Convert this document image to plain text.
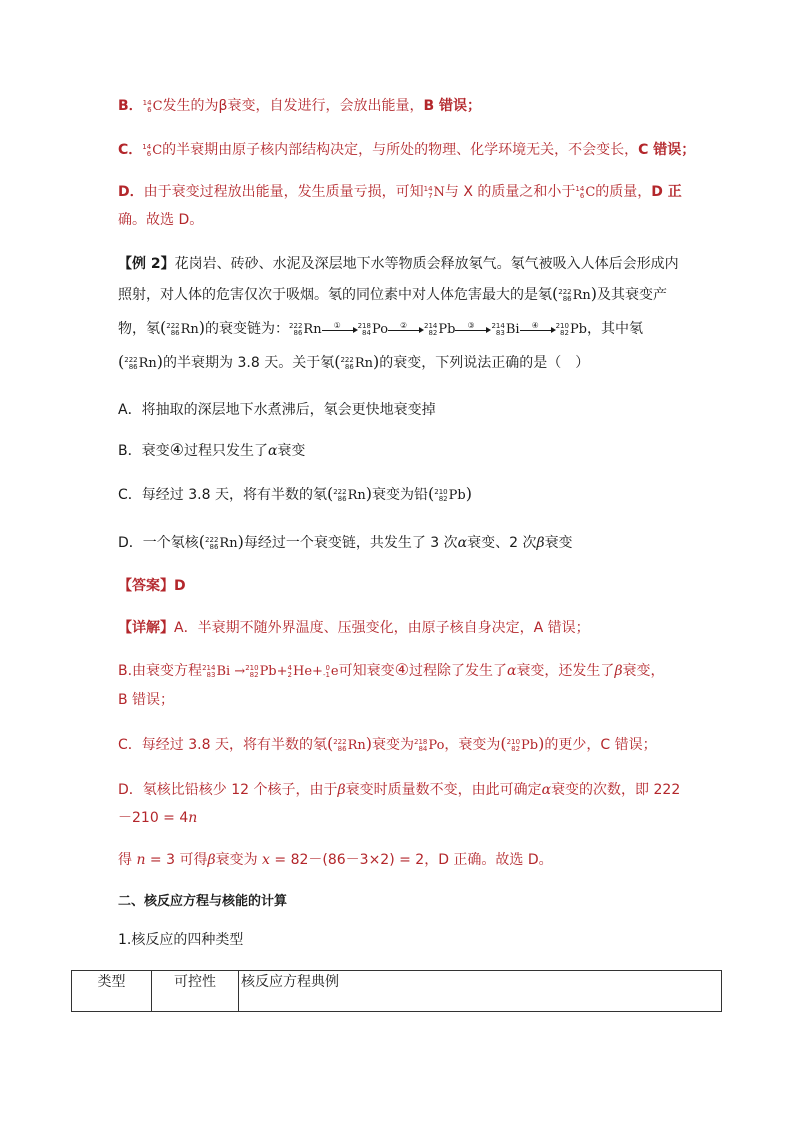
B．14
6C发生的为β衰变，自发进行，会放出能量，B 错误；
C．14
6C的半衰期由原子核内部结构决定，与所处的物理、化学环境无关，不会变长，C 错误；
D．由于衰变过程放出能量，发生质量亏损，可知14
7N与 X 的质量之和小于14
6C的质量，D 正
确。故选 D。
【例 2】花岗岩、砖砂、水泥及深层地下水等物质会释放氡气。氡气被吸入人体后会形成内
照射，对人体的危害仅次于吸烟。氡的同位素中对人体危害最大的是氡(222
86Rn)及其衰变产
物，氡(222
86Rn)的衰变链为：222
86Rn ① 218
84Po ② 214
82Pb ③ 214
83Bi ④ 210
82Pb，其中氡
(222
86Rn)的半衰期为 3.8 天。关于氡(222
86Rn)的衰变，下列说法正确的是（　）
A．将抽取的深层地下水煮沸后，氡会更快地衰变掉
B．衰变④过程只发生了α衰变
C．每经过 3.8 天，将有半数的氡(222
86Rn)衰变为铅(210
82Pb)
D．一个氡核(222
86Rn)每经过一个衰变链，共发生了 3 次α衰变、2 次β衰变
【答案】D
【详解】A．半衰期不随外界温度、压强变化，由原子核自身决定，A 错误；
B.由衰变方程214
83Bi →210
82Pb+4
2He+ 0
-1e可知衰变④过程除了发生了α衰变，还发生了β衰变，
B 错误；
C．每经过 3.8 天，将有半数的氡(222
86Rn)衰变为218
84Po，衰变为(210
82Pb)的更少，C 错误；
D．氡核比铅核少 12 个核子，由于β衰变时质量数不变，由此可确定α衰变的次数，即 222
－210 = 4n
得 n = 3 可得β衰变为 x = 82－(86－3×2) = 2，D 正确。故选 D。
二、核反应方程与核能的计算
1.核反应的四种类型
类型	可控性	核反应方程典例
